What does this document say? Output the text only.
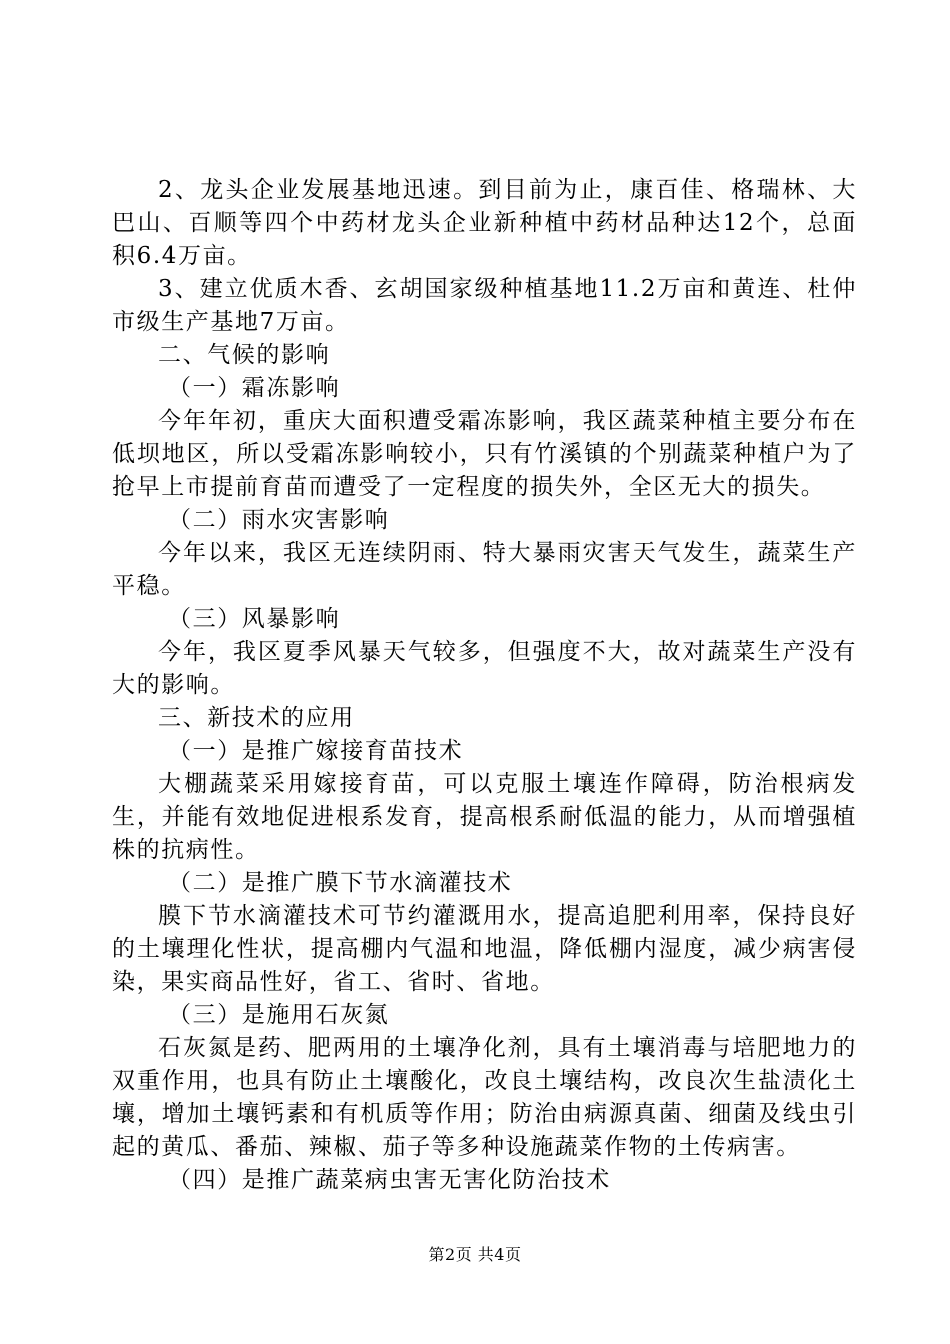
2、龙头企业发展基地迅速。到目前为止，康百佳、格瑞林、大巴山、百顺等四个中药材龙头企业新种植中药材品种达12个，总面积6.4万亩。

3、建立优质木香、玄胡国家级种植基地11.2万亩和黄连、杜仲市级生产基地7万亩。

二、气候的影响

（一）霜冻影响

今年年初，重庆大面积遭受霜冻影响，我区蔬菜种植主要分布在低坝地区，所以受霜冻影响较小，只有竹溪镇的个别蔬菜种植户为了抢早上市提前育苗而遭受了一定程度的损失外，全区无大的损失。

（二）雨水灾害影响

今年以来，我区无连续阴雨、特大暴雨灾害天气发生，蔬菜生产平稳。

（三）风暴影响

今年，我区夏季风暴天气较多，但强度不大，故对蔬菜生产没有大的影响。

三、新技术的应用

（一）是推广嫁接育苗技术

大棚蔬菜采用嫁接育苗，可以克服土壤连作障碍，防治根病发生，并能有效地促进根系发育，提高根系耐低温的能力，从而增强植株的抗病性。

（二）是推广膜下节水滴灌技术

膜下节水滴灌技术可节约灌溉用水，提高追肥利用率，保持良好的土壤理化性状，提高棚内气温和地温，降低棚内湿度，减少病害侵染，果实商品性好，省工、省时、省地。

（三）是施用石灰氮

石灰氮是药、肥两用的土壤净化剂，具有土壤消毒与培肥地力的双重作用，也具有防止土壤酸化，改良土壤结构，改良次生盐渍化土壤，增加土壤钙素和有机质等作用；防治由病源真菌、细菌及线虫引起的黄瓜、番茄、辣椒、茄子等多种设施蔬菜作物的土传病害。

（四）是推广蔬菜病虫害无害化防治技术

第2页 共4页
